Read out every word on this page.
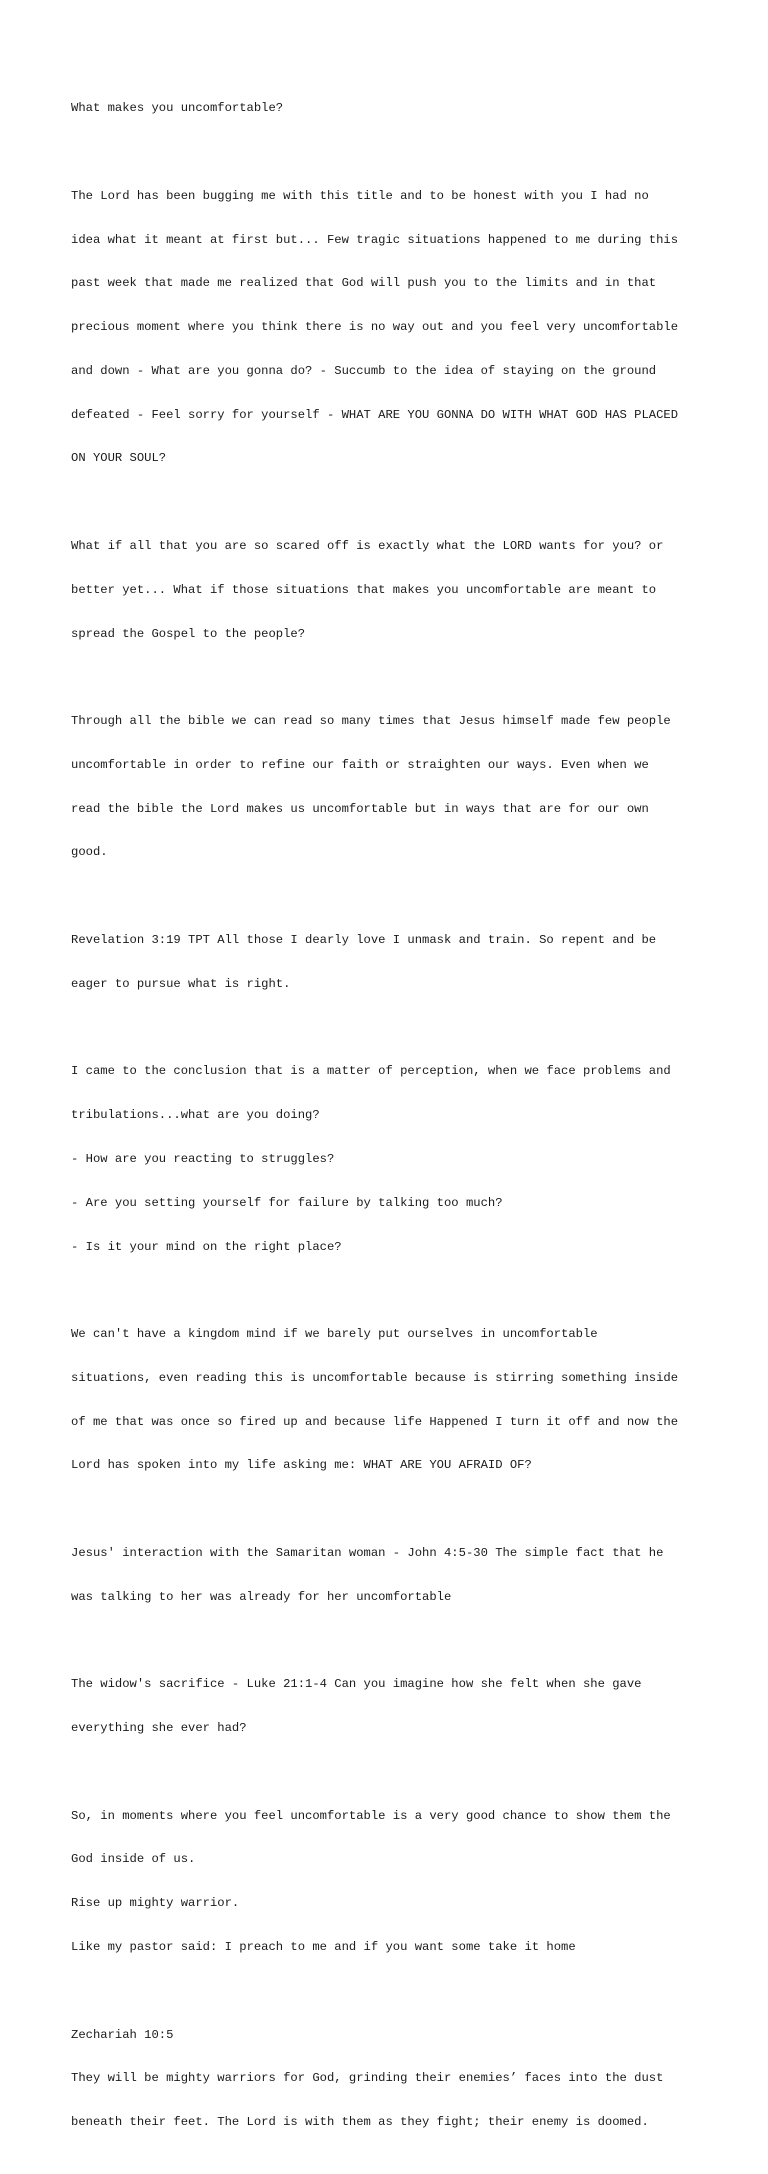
What makes you uncomfortable?

The Lord has been bugging me with this title and to be honest with you I had no

idea what it meant at first but... Few tragic situations happened to me during this

past week that made me realized that God will push you to the limits and in that

precious moment where you think there is no way out and you feel very uncomfortable

and down - What are you gonna do? - Succumb to the idea of staying on the ground

defeated - Feel sorry for yourself - WHAT ARE YOU GONNA DO WITH WHAT GOD HAS PLACED

ON YOUR SOUL?

What if all that you are so scared off is exactly what the LORD wants for you? or

better yet... What if those situations that makes you uncomfortable are meant to

spread the Gospel to the people?

Through all the bible we can read so many times that Jesus himself made few people

uncomfortable in order to refine our faith or straighten our ways. Even when we

read the bible the Lord makes us uncomfortable but in ways that are for our own

good.

Revelation 3:19 TPT All those I dearly love I unmask and train. So repent and be

eager to pursue what is right.

I came to the conclusion that is a matter of perception, when we face problems and

tribulations...what are you doing?

- How are you reacting to struggles?

- Are you setting yourself for failure by talking too much?

- Is it your mind on the right place?

We can't have a kingdom mind if we barely put ourselves in uncomfortable

situations, even reading this is uncomfortable because is stirring something inside

of me that was once so fired up and because life Happened I turn it off and now the

Lord has spoken into my life asking me: WHAT ARE YOU AFRAID OF?

Jesus' interaction with the Samaritan woman - John 4:5-30 The simple fact that he

was talking to her was already for her uncomfortable

The widow's sacrifice - Luke 21:1-4 Can you imagine how she felt when she gave

everything she ever had?

So, in moments where you feel uncomfortable is a very good chance to show them the

God inside of us.

Rise up mighty warrior.

Like my pastor said: I preach to me and if you want some take it home

Zechariah 10:5

They will be mighty warriors for God, grinding their enemies’ faces into the dust

beneath their feet. The Lord is with them as they fight; their enemy is doomed.
